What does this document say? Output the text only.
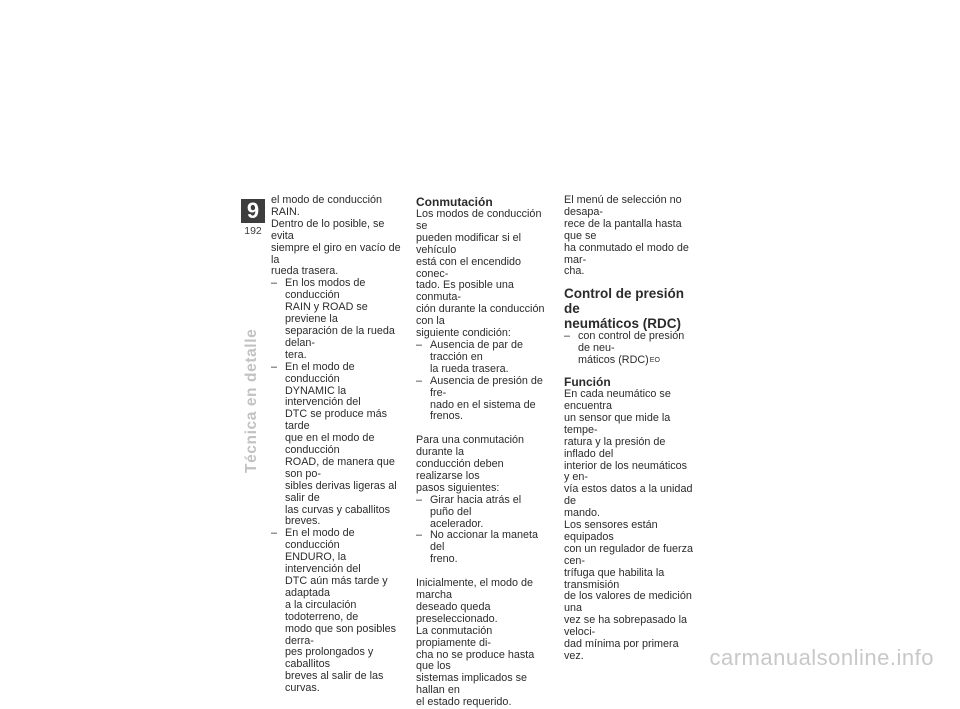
9
192
Técnica en detalle

el modo de conducción RAIN.
Dentro de lo posible, se evita
siempre el giro en vacío de la
rueda trasera.

– En los modos de conducción
RAIN y ROAD se previene la
separación de la rueda delan-
tera.

– En el modo de conducción
DYNAMIC la intervención del
DTC se produce más tarde
que en el modo de conducción
ROAD, de manera que son po-
sibles derivas ligeras al salir de
las curvas y caballitos breves.

– En el modo de conducción
ENDURO, la intervención del
DTC aún más tarde y adaptada
a la circulación todoterreno, de
modo que son posibles derra-
pes prolongados y caballitos
breves al salir de las curvas.

Conmutación

Los modos de conducción se
pueden modificar si el vehículo
está con el encendido conec-
tado. Es posible una conmuta-
ción durante la conducción con la
siguiente condición:

– Ausencia de par de tracción en
la rueda trasera.

– Ausencia de presión de fre-
nado en el sistema de frenos.

Para una conmutación durante la
conducción deben realizarse los
pasos siguientes:

– Girar hacia atrás el puño del
acelerador.

– No accionar la maneta del
freno.

Inicialmente, el modo de marcha
deseado queda preseleccionado.
La conmutación propiamente di-
cha no se produce hasta que los
sistemas implicados se hallan en
el estado requerido.

El menú de selección no desapa-
rece de la pantalla hasta que se
ha conmutado el modo de mar-
cha.

Control de presión de
neumáticos (RDC)

– con control de presión de neu-
máticos (RDC)$^{EO}$

Función

En cada neumático se encuentra
un sensor que mide la tempe-
ratura y la presión de inflado del
interior de los neumáticos y en-
vía estos datos a la unidad de
mando.

Los sensores están equipados
con un regulador de fuerza cen-
trífuga que habilita la transmisión
de los valores de medición una
vez se ha sobrepasado la veloci-
dad mínima por primera vez.	carmanualsonline.info
